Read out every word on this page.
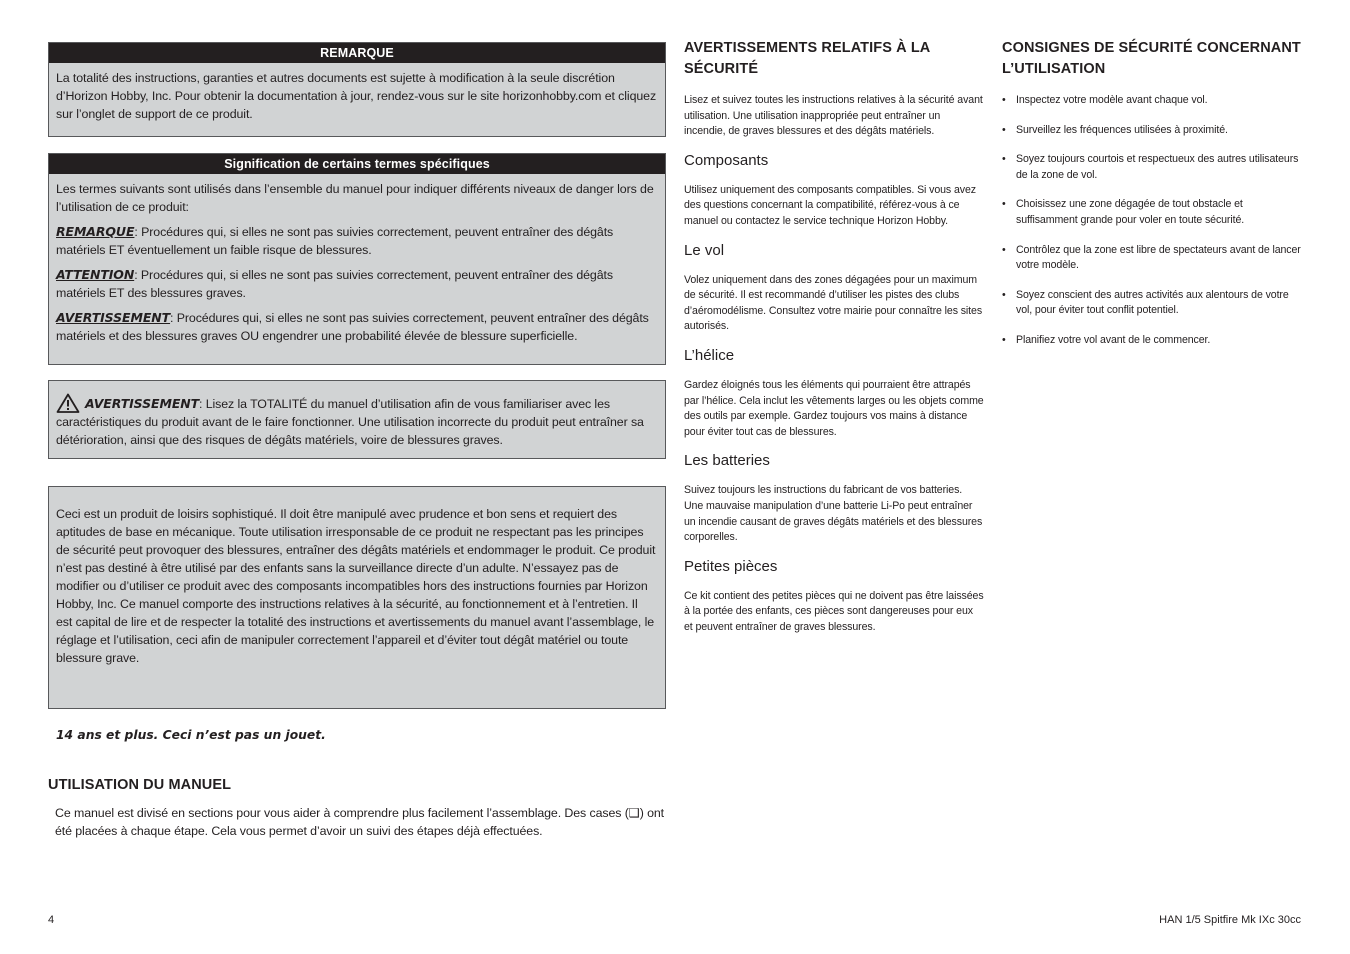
REMARQUE
La totalité des instructions, garanties et autres documents est sujette à modification à la seule discrétion d’Horizon Hobby, Inc. Pour obtenir la documentation à jour, rendez-vous sur le site horizonhobby.com et cliquez sur l’onglet de support de ce produit.
Signification de certains termes spécifiques

Les termes suivants sont utilisés dans l’ensemble du manuel pour indiquer différents niveaux de danger lors de l’utilisation de ce produit:

REMARQUE: Procédures qui, si elles ne sont pas suivies correctement, peuvent entraîner des dégâts matériels ET éventuellement un faible risque de blessures.

ATTENTION: Procédures qui, si elles ne sont pas suivies correctement, peuvent entraîner des dégâts matériels ET des blessures graves.

AVERTISSEMENT: Procédures qui, si elles ne sont pas suivies correctement, peuvent entraîner des dégâts matériels et des blessures graves OU engendrer une probabilité élevée de blessure superficielle.

AVERTISSEMENT: Lisez la TOTALITÉ du manuel d’utilisation afin de vous familiariser avec les caractéristiques du produit avant de le faire fonctionner. Une utilisation incorrecte du produit peut entraîner sa détérioration, ainsi que des risques de dégâts matériels, voire de blessures graves.
Ceci est un produit de loisirs sophistiqué. Il doit être manipulé avec prudence et bon sens et requiert des aptitudes de base en mécanique. Toute utilisation irresponsable de ce produit ne respectant pas les principes de sécurité peut provoquer des blessures, entraîner des dégâts matériels et endommager le produit. Ce produit n’est pas destiné à être utilisé par des enfants sans la surveillance directe d’un adulte. N’essayez pas de modifier ou d’utiliser ce produit avec des composants incompatibles hors des instructions fournies par Horizon Hobby, Inc. Ce manuel comporte des instructions relatives à la sécurité, au fonctionnement et à l’entretien. Il est capital de lire et de respecter la totalité des instructions et avertissements du manuel avant l’assemblage, le réglage et l’utilisation, ceci afin de manipuler correctement l’appareil et d’éviter tout dégât matériel ou toute blessure grave.
14 ans et plus. Ceci n’est pas un jouet.
UTILISATION DU MANUEL
Ce manuel est divisé en sections pour vous aider à comprendre plus facilement l’assemblage. Des cases (❑) ont été placées à chaque étape. Cela vous permet d’avoir un suivi des étapes déjà effectuées.
AVERTISSEMENTS RELATIFS À LA SÉCURITÉ
Lisez et suivez toutes les instructions relatives à la sécurité avant utilisation. Une utilisation inappropriée peut entraîner un incendie, de graves blessures et des dégâts matériels.
Composants
Utilisez uniquement des composants compatibles. Si vous avez des questions concernant la compatibilité, référez-vous à ce manuel ou contactez le service technique Horizon Hobby.
Le vol
Volez uniquement dans des zones dégagées pour un maximum de sécurité. Il est recommandé d’utiliser les pistes des clubs d’aéromodélisme. Consultez votre mairie pour connaître les sites autorisés.
L’hélice
Gardez éloignés tous les éléments qui pourraient être attrapés par l’hélice. Cela inclut les vêtements larges ou les objets comme des outils par exemple. Gardez toujours vos mains à distance pour éviter tout cas de blessures.
Les batteries
Suivez toujours les instructions du fabricant de vos batteries. Une mauvaise manipulation d’une batterie Li-Po peut entraîner un incendie causant de graves dégâts matériels et des blessures corporelles.
Petites pièces
Ce kit contient des petites pièces qui ne doivent pas être laissées à la portée des enfants, ces pièces sont dangereuses pour eux et peuvent entraîner de graves blessures.
CONSIGNES DE SÉCURITÉ CONCERNANT L’UTILISATION
• Inspectez votre modèle avant chaque vol.
• Surveillez les fréquences utilisées à proximité.
• Soyez toujours courtois et respectueux des autres utilisateurs de la zone de vol.
• Choisissez une zone dégagée de tout obstacle et suffisamment grande pour voler en toute sécurité.
• Contrôlez que la zone est libre de spectateurs avant de lancer votre modèle.
• Soyez conscient des autres activités aux alentours de votre vol, pour éviter tout conflit potentiel.
• Planifiez votre vol avant de le commencer.
4	HAN 1/5 Spitfire Mk IXc 30cc
